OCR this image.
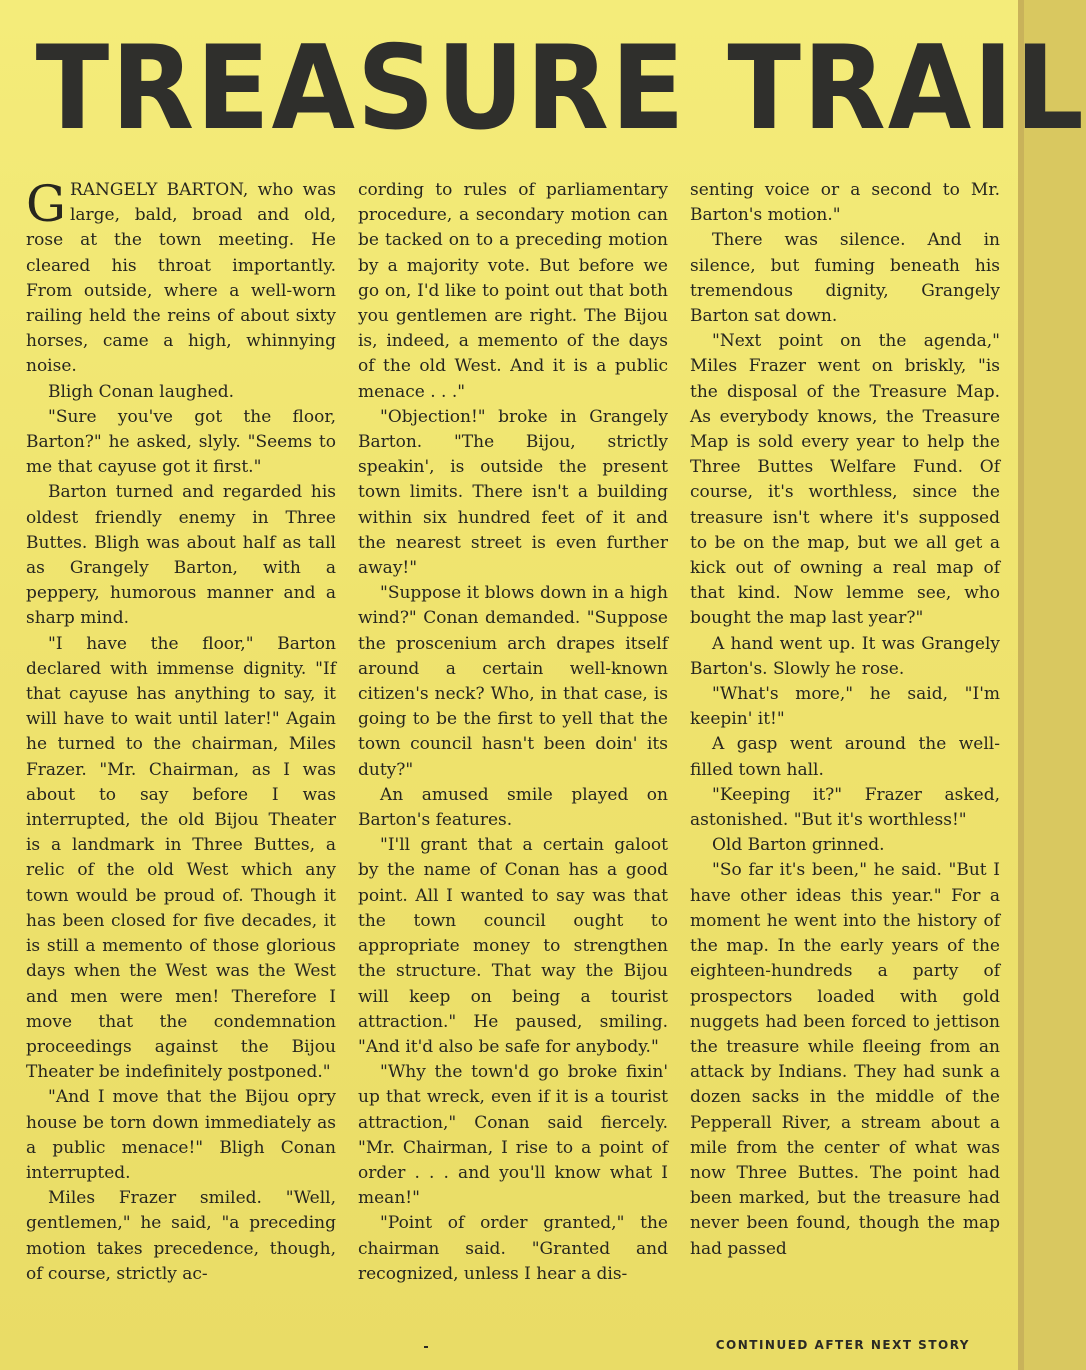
TREASURE TRAIL

GRANGELY BARTON, who was large, bald, broad and old, rose at the town meeting. He cleared his throat importantly. From outside, where a well-worn railing held the reins of about sixty horses, came a high, whinnying noise.

Bligh Conan laughed.

"Sure you've got the floor, Barton?" he asked, slyly. "Seems to me that cayuse got it first."

Barton turned and regarded his oldest friendly enemy in Three Buttes. Bligh was about half as tall as Grangely Barton, with a peppery, humorous manner and a sharp mind.

"I have the floor," Barton declared with immense dignity. "If that cayuse has anything to say, it will have to wait until later!" Again he turned to the chairman, Miles Frazer. "Mr. Chairman, as I was about to say before I was interrupted, the old Bijou Theater is a landmark in Three Buttes, a relic of the old West which any town would be proud of. Though it has been closed for five decades, it is still a memento of those glorious days when the West was the West and men were men! Therefore I move that the condemnation proceedings against the Bijou Theater be indefinitely postponed."

"And I move that the Bijou opry house be torn down immediately as a public menace!" Bligh Conan interrupted.

Miles Frazer smiled. "Well, gentlemen," he said, "a preceding motion takes precedence, though, of course, strictly ac-

cording to rules of parliamentary procedure, a secondary motion can be tacked on to a preceding motion by a majority vote. But before we go on, I'd like to point out that both you gentlemen are right. The Bijou is, indeed, a memento of the days of the old West. And it is a public menace . . ."

"Objection!" broke in Grangely Barton. "The Bijou, strictly speakin', is outside the present town limits. There isn't a building within six hundred feet of it and the nearest street is even further away!"

"Suppose it blows down in a high wind?" Conan demanded. "Suppose the proscenium arch drapes itself around a certain well-known citizen's neck? Who, in that case, is going to be the first to yell that the town council hasn't been doin' its duty?"

An amused smile played on Barton's features.

"I'll grant that a certain galoot by the name of Conan has a good point. All I wanted to say was that the town council ought to appropriate money to strengthen the structure. That way the Bijou will keep on being a tourist attraction." He paused, smiling. "And it'd also be safe for anybody."

"Why the town'd go broke fixin' up that wreck, even if it is a tourist attraction," Conan said fiercely. "Mr. Chairman, I rise to a point of order . . . and you'll know what I mean!"

"Point of order granted," the chairman said. "Granted and recognized, unless I hear a dis-

senting voice or a second to Mr. Barton's motion."

There was silence. And in silence, but fuming beneath his tremendous dignity, Grangely Barton sat down.

"Next point on the agenda," Miles Frazer went on briskly, "is the disposal of the Treasure Map. As everybody knows, the Treasure Map is sold every year to help the Three Buttes Welfare Fund. Of course, it's worthless, since the treasure isn't where it's supposed to be on the map, but we all get a kick out of owning a real map of that kind. Now lemme see, who bought the map last year?"

A hand went up. It was Grangely Barton's. Slowly he rose.

"What's more," he said, "I'm keepin' it!"

A gasp went around the well-filled town hall.

"Keeping it?" Frazer asked, astonished. "But it's worthless!"

Old Barton grinned.

"So far it's been," he said. "But I have other ideas this year." For a moment he went into the history of the map. In the early years of the eighteen-hundreds a party of prospectors loaded with gold nuggets had been forced to jettison the treasure while fleeing from an attack by Indians. They had sunk a dozen sacks in the middle of the Pepperall River, a stream about a mile from the center of what was now Three Buttes. The point had been marked, but the treasure had never been found, though the map had passed

CONTINUED AFTER NEXT STORY
